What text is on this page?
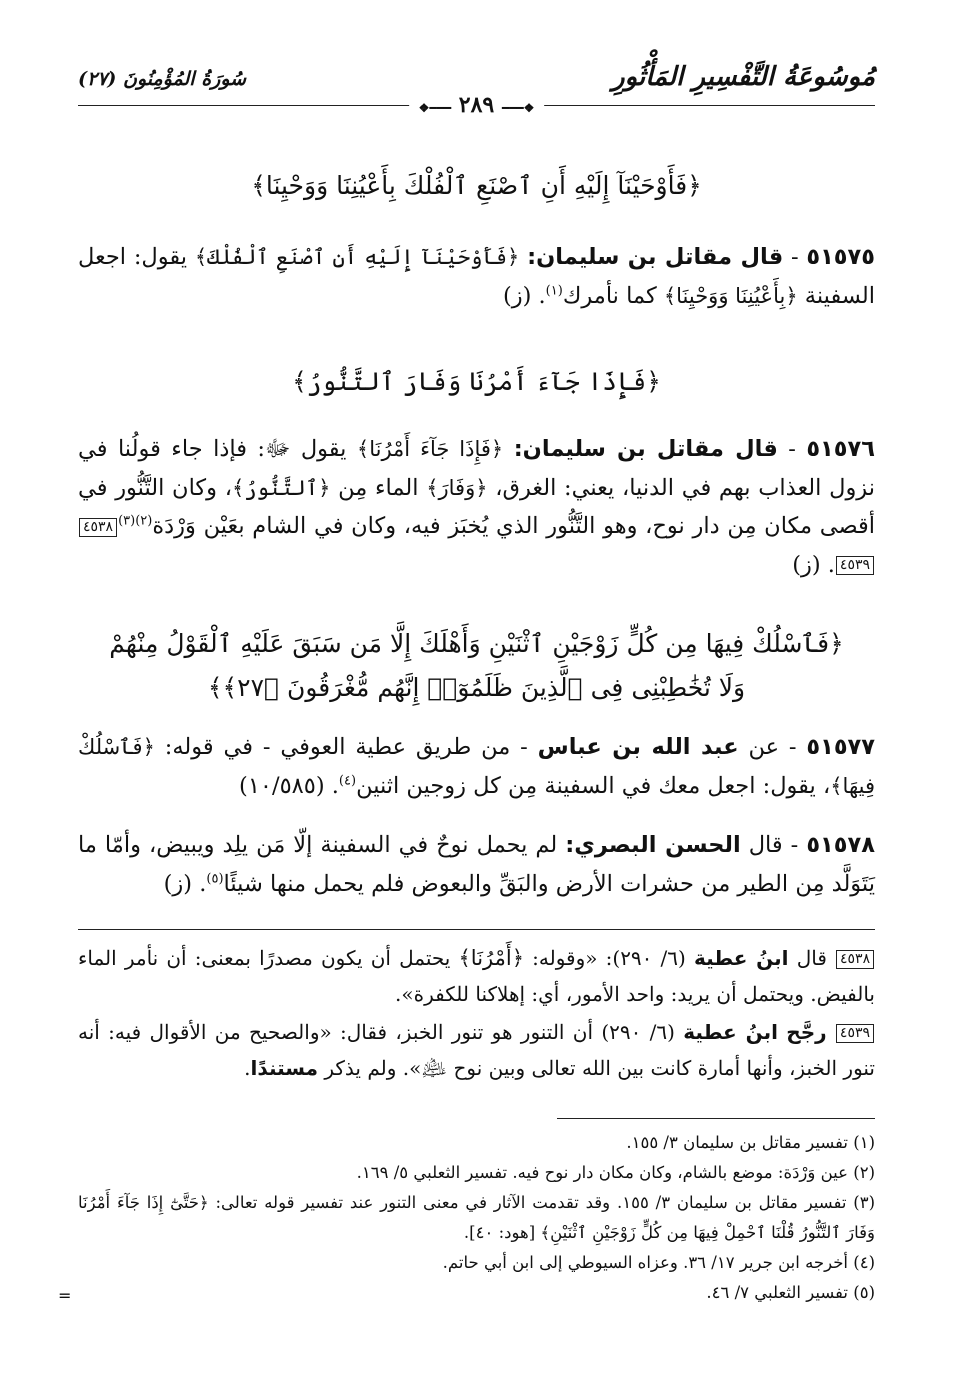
مُوسُوعَةُ التَّفْسِيرِ المَأْثُورِ
سُورَةُ المُؤْمِنُونَ (٢٧)
❖━━━ ٢٨٩ ━━━❖
﴿فَأَوْحَيْنَآ إِلَيْهِ أَنِ ٱصْنَعِ ٱلْفُلْكَ بِأَعْيُنِنَا وَوَحْيِنَا﴾
٥١٥٧٥ - قال مقاتل بن سليمان: ﴿فَأَوْحَيْنَآ إِلَيْهِ أَنِ ٱصْنَعِ ٱلْفُلْكَ﴾ يقول: اجعل السفينة ﴿بِأَعْيُنِنَا وَوَحْيِنَا﴾ كما نأمرك$^{(١)}$. (ز)
﴿فَإِذَا جَآءَ أَمْرُنَا وَفَارَ ٱلتَّنُّورُ﴾
٥١٥٧٦ - قال مقاتل بن سليمان: ﴿فَإِذَا جَآءَ أَمْرُنَا﴾ يقول ﷻ: فإذا جاء قولُنا في نزول العذاب بهم في الدنيا، يعني: الغرق، ﴿وَفَارَ﴾ الماء مِن ﴿ٱلتَّنُّورُ﴾، وكان التَّنُّور في أقصى مكان مِن دار نوح، وهو التَّنُّور الذي يُخبَز فيه، وكان في الشام بعَيْن وَرْدَة$^{(٢)(٣)}$٤٥٣٨٤٥٣٩. (ز)
﴿فَٱسْلُكْ فِيهَا مِن كُلٍّ زَوْجَيْنِ ٱثْنَيْنِ وَأَهْلَكَ إِلَّا مَن سَبَقَ عَلَيْهِ ٱلْقَوْلُ مِنْهُمْ
وَلَا تُخَٰطِبْنِى فِى ٱلَّذِينَ ظَلَمُوٓا۟ إِنَّهُم مُّغْرَقُونَ ﴿٢٧﴾﴾
٥١٥٧٧ - عن عبد الله بن عباس - من طريق عطية العوفي - في قوله: ﴿فَٱسْلُكْ فِيهَا﴾، يقول: اجعل معك في السفينة مِن كل زوجين اثنين$^{(٤)}$. (١٠/٥٨٥)
٥١٥٧٨ - قال الحسن البصري: لم يحمل نوحٌ في السفينة إلّا مَن يلِد ويبيض، وأمّا ما يَتَوَلَّد مِن الطير من حشرات الأرض والبَقِّ والبعوض فلم يحمل منها شيئًا$^{(٥)}$. (ز)
٤٥٣٨ قال ابنُ عطية (٦/ ٢٩٠): «وقوله: ﴿أَمْرُنَا﴾ يحتمل أن يكون مصدرًا بمعنى: أن نأمر الماء بالفيض. ويحتمل أن يريد: واحد الأمور، أي: إهلاكنا للكفرة».
٤٥٣٩ رجَّح ابنُ عطية (٦/ ٢٩٠) أن التنور هو تنور الخبز، فقال: «والصحيح من الأقوال فيه: أنه تنور الخبز، وأنها أمارة كانت بين الله تعالى وبين نوح ﵇». ولم يذكر مستندًا.
(١) تفسير مقاتل بن سليمان ٣/ ١٥٥.
(٢) عين وَرْدَة: موضع بالشام، وكان مكان دار نوح فيه. تفسير الثعلبي ٥/ ١٦٩.
(٣) تفسير مقاتل بن سليمان ٣/ ١٥٥. وقد تقدمت الآثار في معنى التنور عند تفسير قوله تعالى: ﴿حَتَّىٰٓ إِذَا جَآءَ أَمْرُنَا وَفَارَ ٱلتَّنُّورُ قُلْنَا ٱحْمِلْ فِيهَا مِن كُلٍّ زَوْجَيْنِ ٱثْنَيْنِ﴾ [هود: ٤٠].
(٤) أخرجه ابن جرير ١٧/ ٣٦. وعزاه السيوطي إلى ابن أبي حاتم.
(٥) تفسير الثعلبي ٧/ ٤٦.
=
